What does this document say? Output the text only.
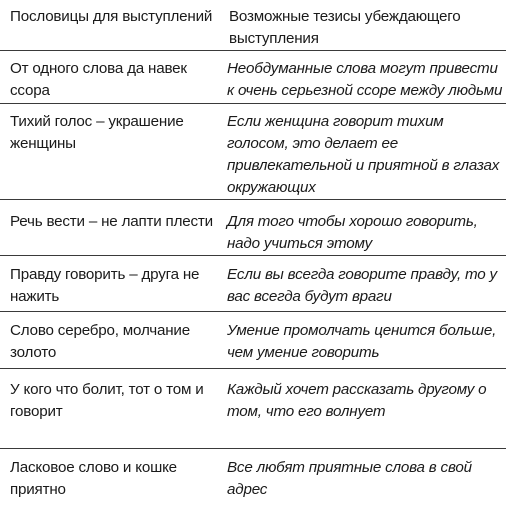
Пословицы для выступлений	Возможные тезисы убеждающего выступления
От одного слова да навек ссора	Необдуманные слова могут привести к очень серьезной ссоре между людьми
Тихий голос – украшение женщины	Если женщина говорит тихим голосом, это делает ее привлекательной и приятной в глазах окружающих
Речь вести – не лапти плести	Для того чтобы хорошо говорить, надо учиться этому
Правду говорить – друга не нажить	Если вы всегда говорите правду, то у вас всегда будут враги
Слово серебро, молчание золото	Умение промолчать ценится больше, чем умение говорить
У кого что болит, тот о том и говорит	Каждый хочет рассказать другому о том, что его волнует
Ласковое слово и кошке приятно	Все любят приятные слова в свой адрес
